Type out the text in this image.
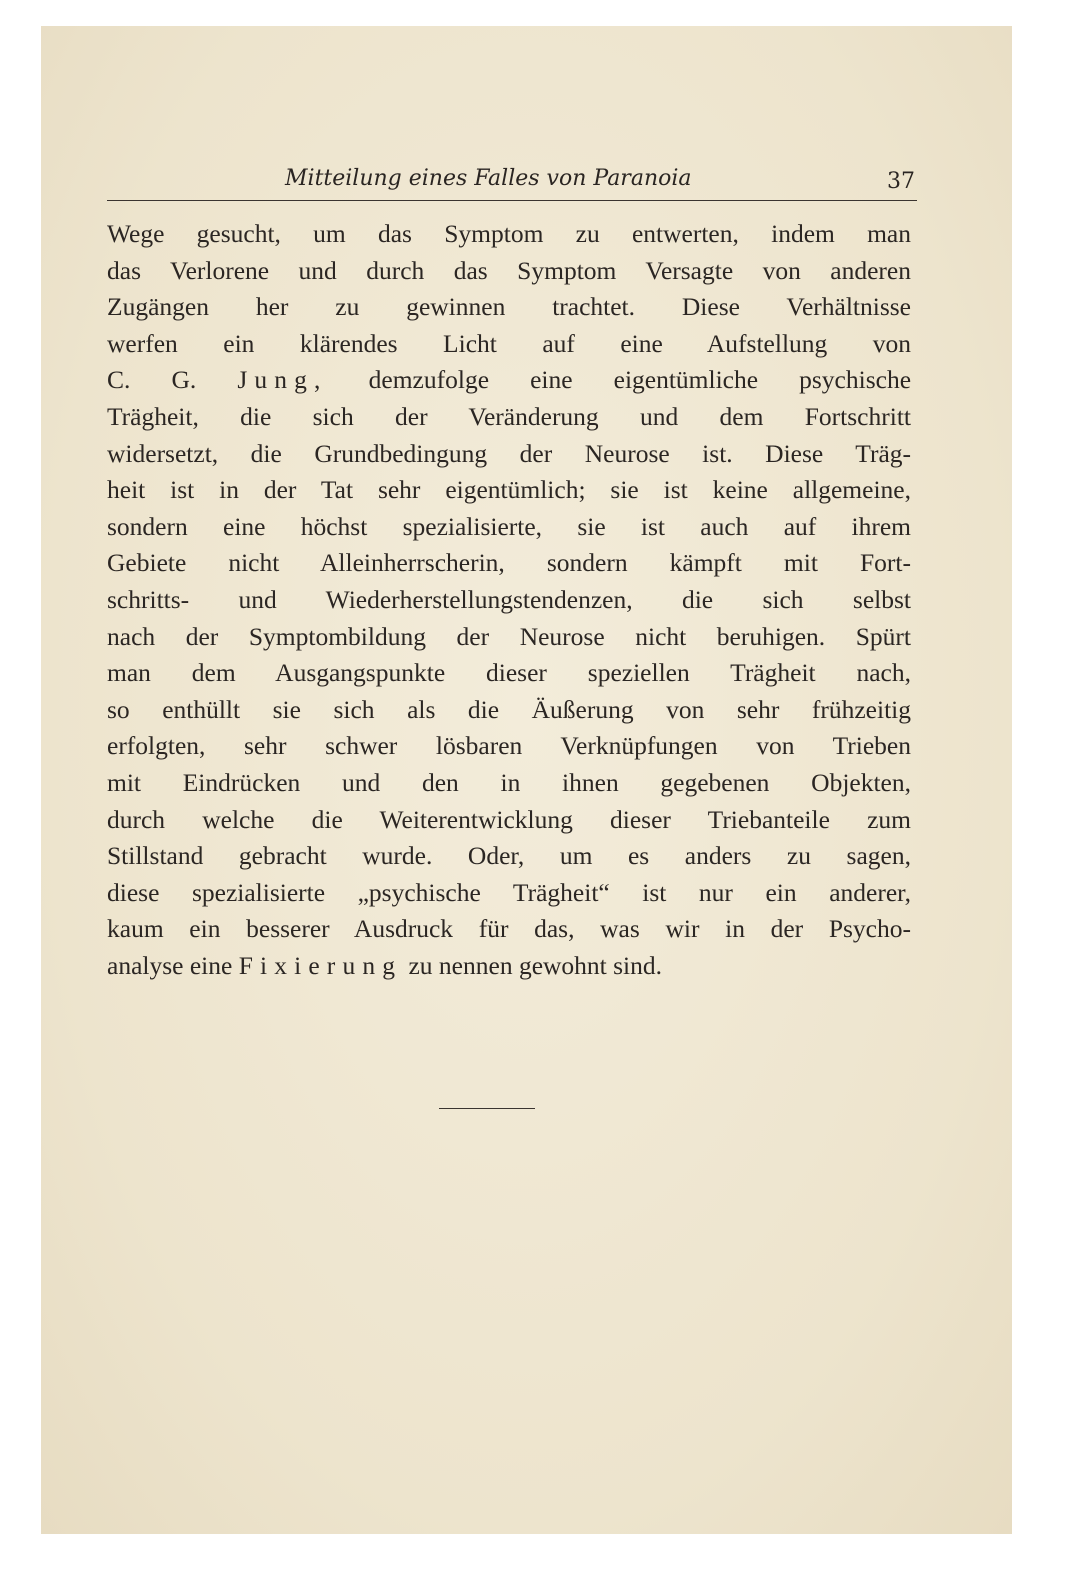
Mitteilung eines Falles von Paranoia	37
Wege gesucht, um das Symptom zu entwerten, indem man
das Verlorene und durch das Symptom Versagte von anderen
Zugängen her zu gewinnen trachtet. Diese Verhältnisse
werfen ein klärendes Licht auf eine Aufstellung von
C. G. Jung, demzufolge eine eigentümliche psychische
Trägheit, die sich der Veränderung und dem Fortschritt
widersetzt, die Grundbedingung der Neurose ist. Diese Träg-
heit ist in der Tat sehr eigentümlich; sie ist keine allgemeine,
sondern eine höchst spezialisierte, sie ist auch auf ihrem
Gebiete nicht Alleinherrscherin, sondern kämpft mit Fort-
schritts- und Wiederherstellungstendenzen, die sich selbst
nach der Symptombildung der Neurose nicht beruhigen. Spürt
man dem Ausgangspunkte dieser speziellen Trägheit nach,
so enthüllt sie sich als die Äußerung von sehr frühzeitig
erfolgten, sehr schwer lösbaren Verknüpfungen von Trieben
mit Eindrücken und den in ihnen gegebenen Objekten,
durch welche die Weiterentwicklung dieser Triebanteile zum
Stillstand gebracht wurde. Oder, um es anders zu sagen,
diese spezialisierte „psychische Trägheit“ ist nur ein anderer,
kaum ein besserer Ausdruck für das, was wir in der Psycho-
analyse eine Fixierung zu nennen gewohnt sind.
